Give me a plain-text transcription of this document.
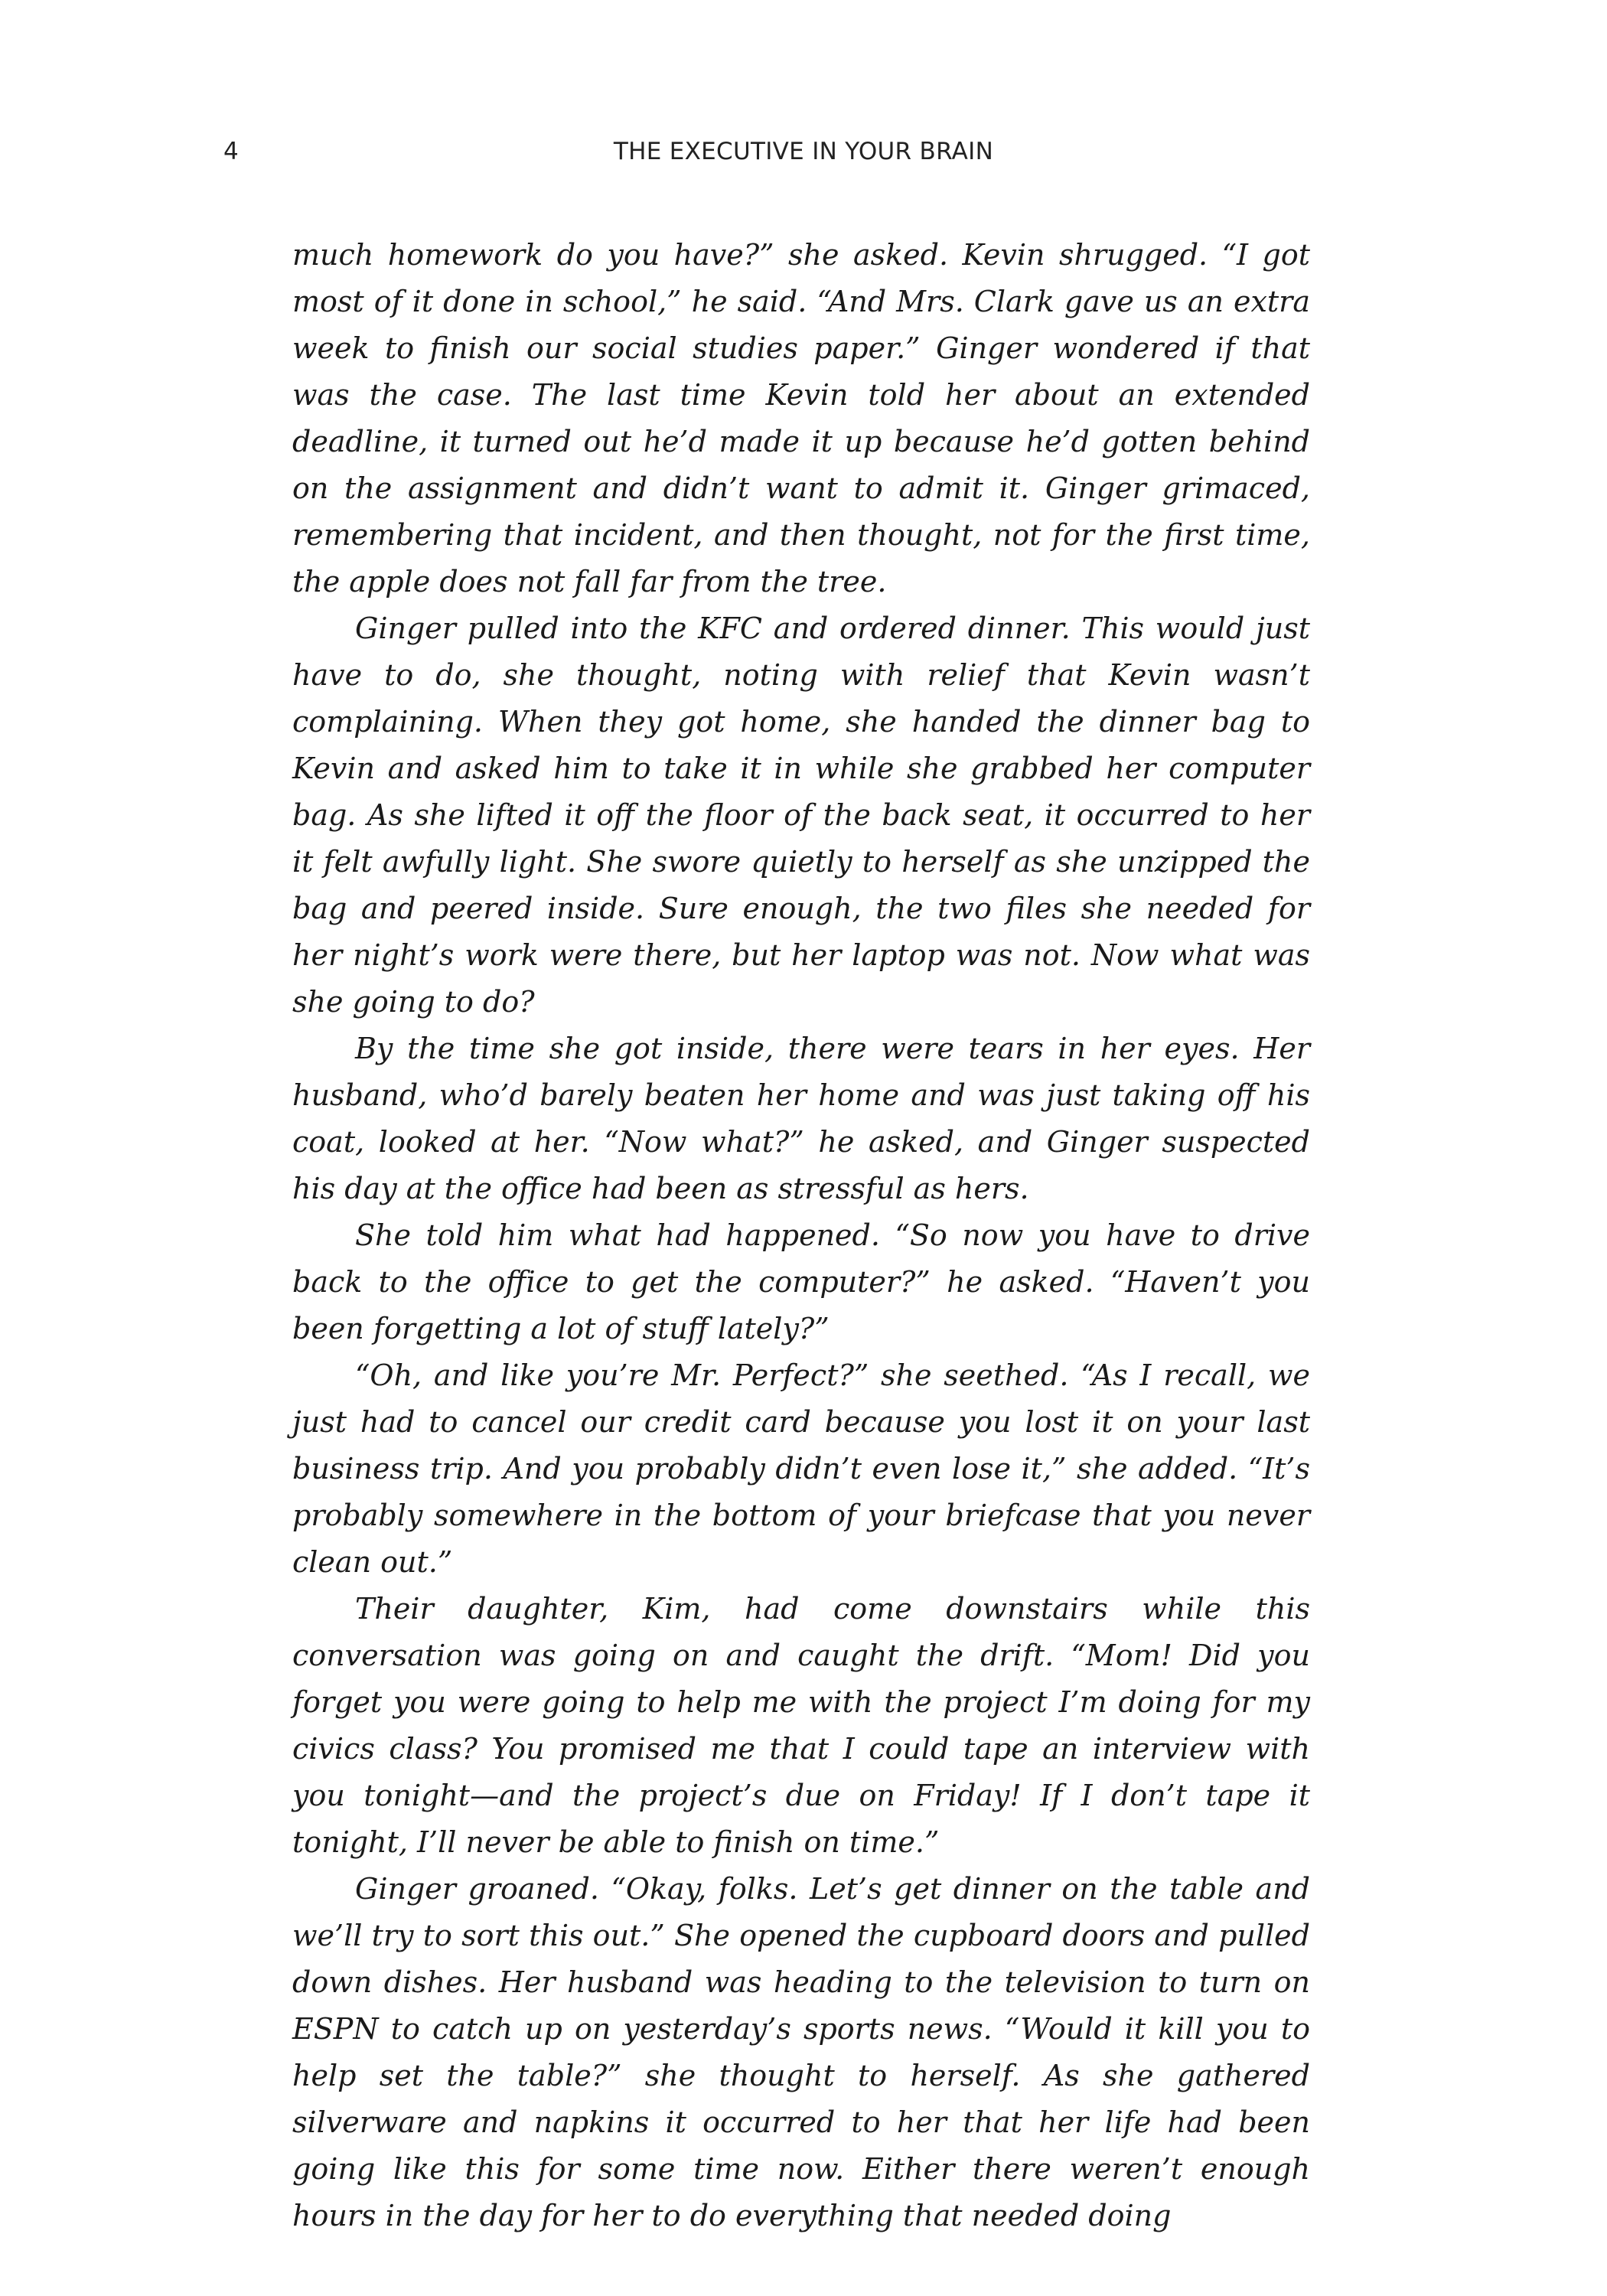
4	THE EXECUTIVE IN YOUR BRAIN

much homework do you have?” she asked. Kevin shrugged. “I got most of it done in school,” he said. “And Mrs. Clark gave us an extra week to finish our social studies paper.” Ginger wondered if that was the case. The last time Kevin told her about an extended deadline, it turned out he’d made it up because he’d gotten behind on the assignment and didn’t want to admit it. Ginger grimaced, remembering that incident, and then thought, not for the first time, the apple does not fall far from the tree.

Ginger pulled into the KFC and ordered dinner. This would just have to do, she thought, noting with relief that Kevin wasn’t complaining. When they got home, she handed the dinner bag to Kevin and asked him to take it in while she grabbed her computer bag. As she lifted it off the floor of the back seat, it occurred to her it felt awfully light. She swore quietly to herself as she unzipped the bag and peered inside. Sure enough, the two files she needed for her night’s work were there, but her laptop was not. Now what was she going to do?

By the time she got inside, there were tears in her eyes. Her husband, who’d barely beaten her home and was just taking off his coat, looked at her. “Now what?” he asked, and Ginger suspected his day at the office had been as stressful as hers.

She told him what had happened. “So now you have to drive back to the office to get the computer?” he asked. “Haven’t you been forgetting a lot of stuff lately?”

“Oh, and like you’re Mr. Perfect?” she seethed. “As I recall, we just had to cancel our credit card because you lost it on your last business trip. And you probably didn’t even lose it,” she added. “It’s probably somewhere in the bottom of your briefcase that you never clean out.”

Their daughter, Kim, had come downstairs while this conversation was going on and caught the drift. “Mom! Did you forget you were going to help me with the project I’m doing for my civics class? You promised me that I could tape an interview with you tonight—and the project’s due on Friday! If I don’t tape it tonight, I’ll never be able to finish on time.”

Ginger groaned. “Okay, folks. Let’s get dinner on the table and we’ll try to sort this out.” She opened the cupboard doors and pulled down dishes. Her husband was heading to the television to turn on ESPN to catch up on yesterday’s sports news. “Would it kill you to help set the table?” she thought to herself. As she gathered silverware and napkins it occurred to her that her life had been going like this for some time now. Either there weren’t enough hours in the day for her to do everything that needed doing
